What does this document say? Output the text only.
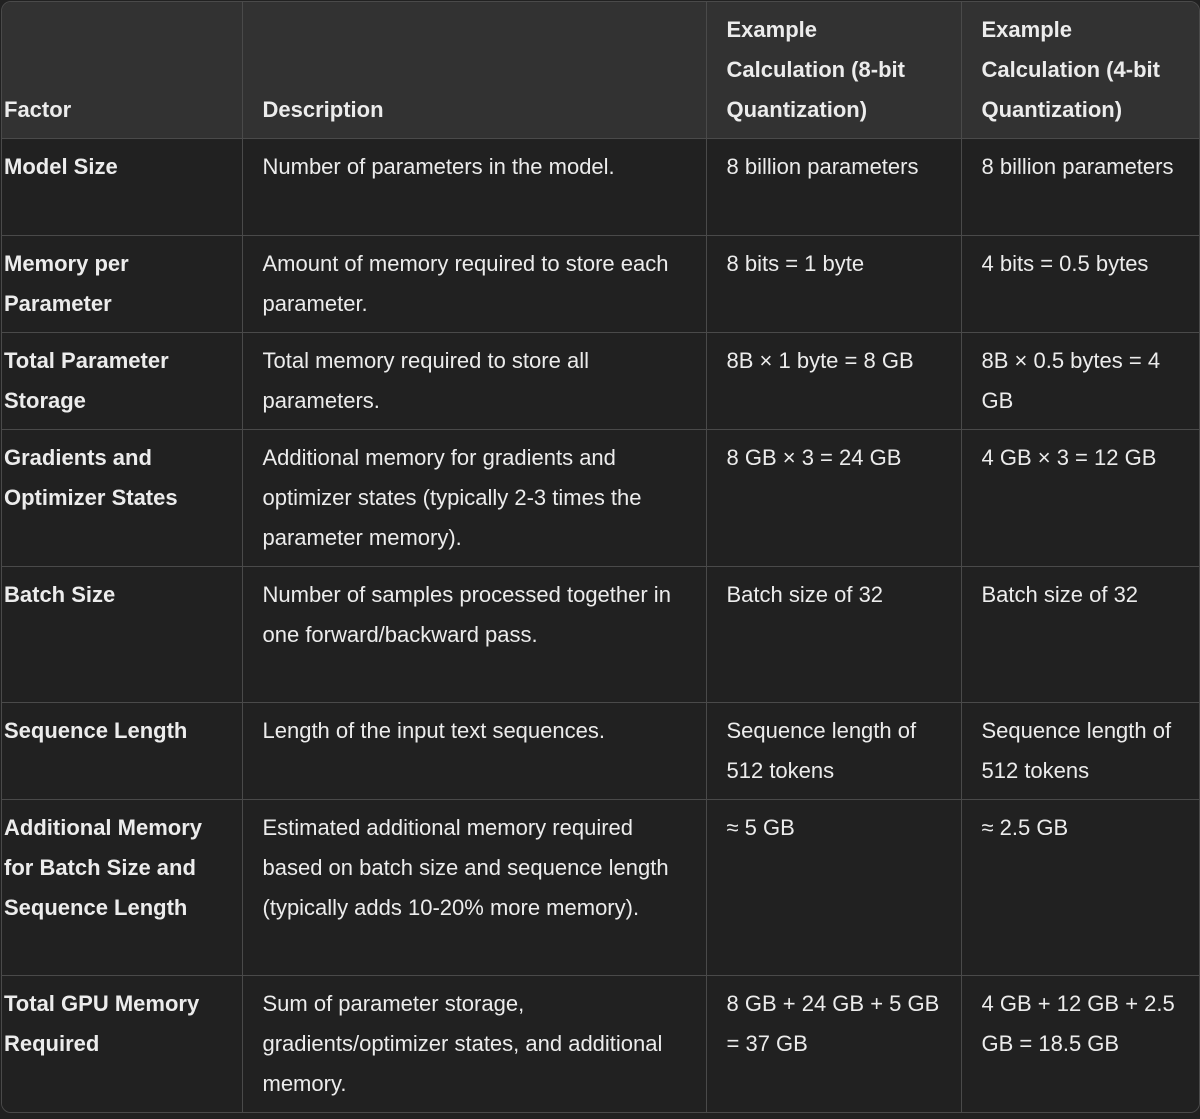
Factor	Description	Example Calculation (8-bit Quantization)	Example Calculation (4-bit Quantization)
Model Size	Number of parameters in the model.	8 billion parameters	8 billion parameters
Memory per Parameter	Amount of memory required to store each parameter.	8 bits = 1 byte	4 bits = 0.5 bytes
Total Parameter Storage	Total memory required to store all parameters.	8B × 1 byte = 8 GB	8B × 0.5 bytes = 4 GB
Gradients and Optimizer States	Additional memory for gradients and optimizer states (typically 2-3 times the parameter memory).	8 GB × 3 = 24 GB	4 GB × 3 = 12 GB
Batch Size	Number of samples processed together in one forward/backward pass.	Batch size of 32	Batch size of 32
Sequence Length	Length of the input text sequences.	Sequence length of 512 tokens	Sequence length of 512 tokens
Additional Memory for Batch Size and Sequence Length	Estimated additional memory required based on batch size and sequence length (typically adds 10-20% more memory).	≈ 5 GB	≈ 2.5 GB
Total GPU Memory Required	Sum of parameter storage, gradients/optimizer states, and additional memory.	8 GB + 24 GB + 5 GB = 37 GB	4 GB + 12 GB + 2.5 GB = 18.5 GB
